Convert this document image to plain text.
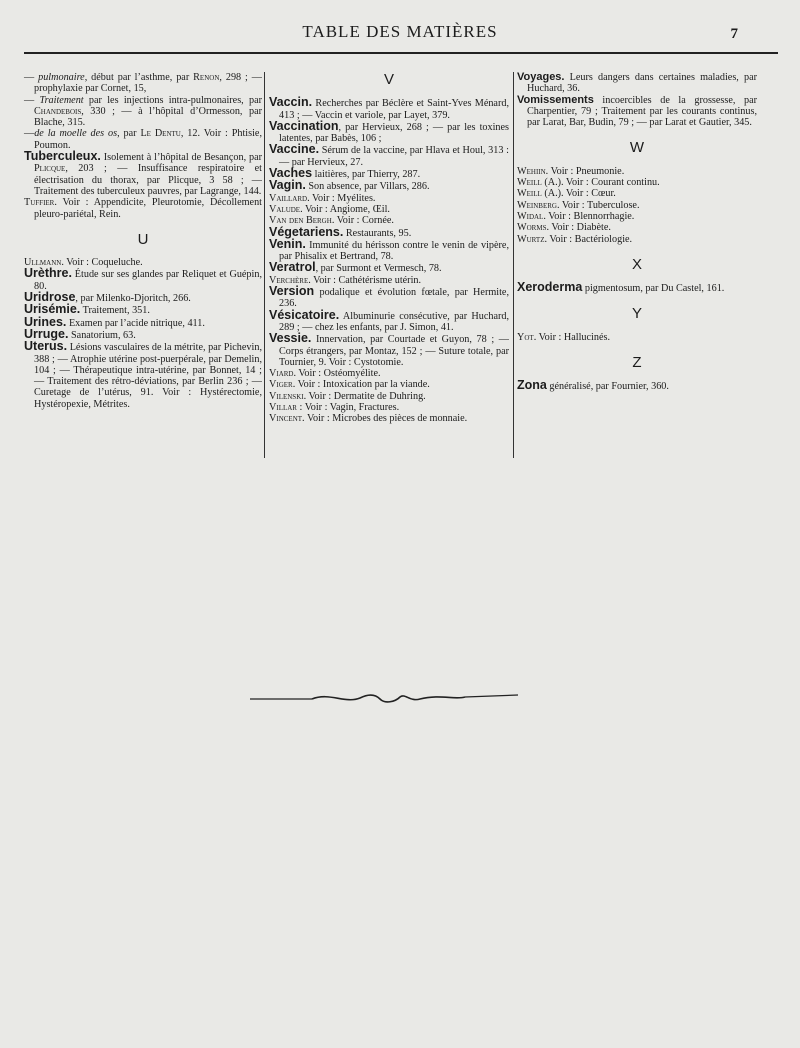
TABLE DES MATIÈRES	7
— pulmonaire, début par l’asthme, par Renon, 298 ; — prophylaxie par Cornet, 15,
— Traitement par les injections intra-pulmonaires, par Chandebois, 330 ; — à l’hôpital d’Ormesson, par Blache, 315.
—de la moelle des os, par Le Dentu, 12. Voir : Phtisie, Poumon.
Tuberculeux. Isolement à l’hôpital de Besançon, par Plicque, 203 ; — Insuffisance respiratoire et électrisation du thorax, par Plicque, 3 58 ; — Traitement des tuberculeux pauvres, par Lagrange, 144.
Tuffier. Voir : Appendicite, Pleurotomie, Décollement pleuro-pariétal, Rein.
U
Ullmann. Voir : Coqueluche.
Urèthre. Étude sur ses glandes par Reliquet et Guépin, 80.
Uridrose, par Milenko-Djoritch, 266.
Urisémie. Traitement, 351.
Urines. Examen par l’acide nitrique, 411.
Urruge. Sanatorium, 63.
Uterus. Lésions vasculaires de la métrite, par Pichevin, 388 ; — Atrophie utérine post-puerpérale, par Demelin, 104 ; — Thérapeutique intra-utérine, par Bonnet, 14 ; — Traitement des rétro-déviations, par Berlin 236 ; — Curetage de l’utérus, 91. Voir : Hystérectomie, Hystéropexie, Métrites.
V
Vaccin. Recherches par Béclère et Saint-Yves Ménard, 413 ; — Vaccin et variole, par Layet, 379.
Vaccination, par Hervieux, 268 ; — par les toxines latentes, par Babès, 106 ;
Vaccine. Sérum de la vaccine, par Hlava et Houl, 313 : — par Hervieux, 27.
Vaches laitières, par Thierry, 287.
Vagin. Son absence, par Villars, 286.
Vaillard. Voir : Myélites.
Valude. Voir : Angiome, Œil.
Van den Bergh. Voir : Cornée.
Végetariens. Restaurants, 95.
Venin. Immunité du hérisson contre le venin de vipère, par Phisalix et Bertrand, 78.
Veratrol, par Surmont et Vermesch, 78.
Verchère. Voir : Cathétérisme utérin.
Version podalique et évolution fœtale, par Hermite, 236.
Vésicatoire. Albuminurie consécutive, par Huchard, 289 ; — chez les enfants, par J. Simon, 41.
Vessie. Innervation, par Courtade et Guyon, 78 ; — Corps étrangers, par Montaz, 152 ; — Suture totale, par Tournier, 9. Voir : Cystotomie.
Viard. Voir : Ostéomyélite.
Viger. Voir : Intoxication par la viande.
Vilenski. Voir : Dermatite de Duhring.
Villar : Voir : Vagin, Fractures.
Vincent. Voir : Microbes des pièces de monnaie.
Voyages. Leurs dangers dans certaines maladies, par Huchard, 36.
Vomissements incoercibles de la grossesse, par Charpentier, 79 ; Traitement par les courants continus, par Larat, Bar, Budin, 79 ; — par Larat et Gautier, 345.
W
Wehiin. Voir : Pneumonie.
Weill (A.). Voir : Courant continu.
Weill (A.). Voir : Cœur.
Weinberg. Voir : Tuberculose.
Widal. Voir : Blennorrhagie.
Worms. Voir : Diabète.
Wurtz. Voir : Bactériologie.
X
Xeroderma pigmentosum, par Du Castel, 161.
Y
Yot. Voir : Hallucinés.
Z
Zona généralisé, par Fournier, 360.
